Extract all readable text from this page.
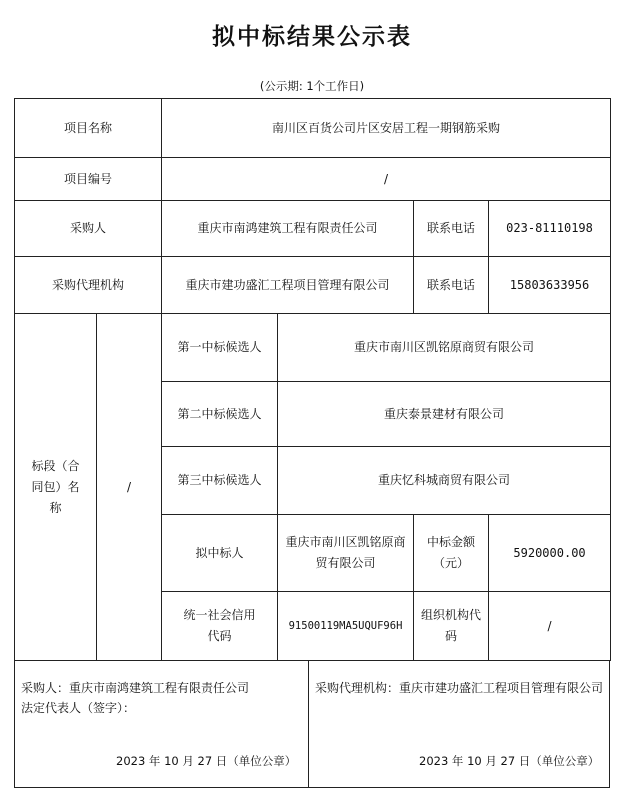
拟中标结果公示表
(公示期: 1个工作日)
项目名称		南川区百货公司片区安居工程一期钢筋采购			
项目编号		/			
采购人		重庆市南鸿建筑工程有限责任公司		联系电话	023-81110198
采购代理机构		重庆市建功盛汇工程项目管理有限公司		联系电话	15803633956
标段（合同包）名称	/	第一中标候选人	重庆市南川区凯铭原商贸有限公司		
		第二中标候选人	重庆泰景建材有限公司		
		第三中标候选人	重庆忆科城商贸有限公司		
		拟中标人	重庆市南川区凯铭原商贸有限公司	中标金额（元）	5920000.00
		统一社会信用代码	91500119MA5UQUF96H	组织机构代码	/
采购人：重庆市南鸿建筑工程有限责任公司
法定代表人（签字）：
2023 年 10 月 27 日（单位公章）
采购代理机构：重庆市建功盛汇工程项目管理有限公司
2023 年 10 月 27 日（单位公章）
